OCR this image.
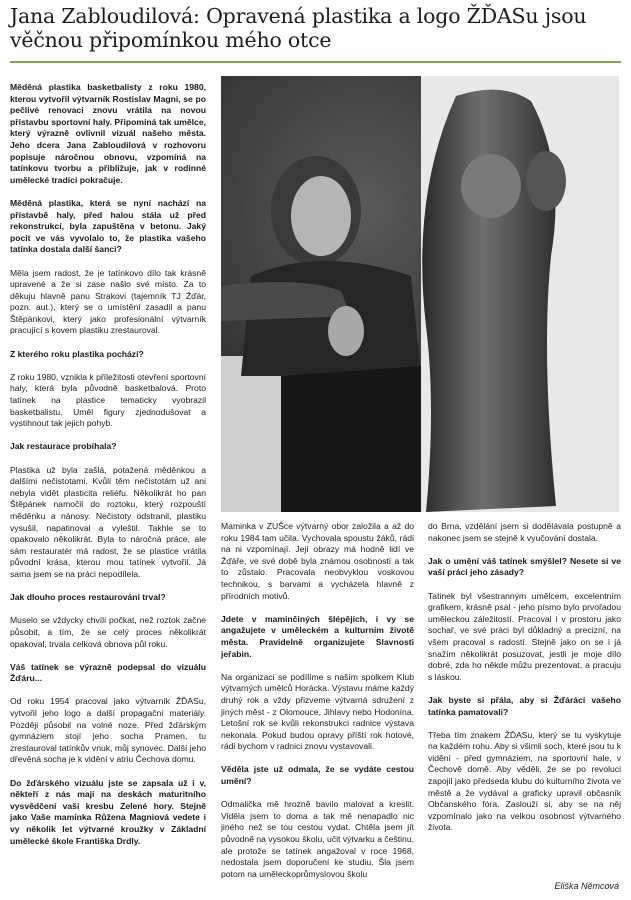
Jana Zabloudilová: Opravená plastika a logo ŽĎASu jsou věčnou připomínkou mého otce

Měděná plastika basketbalisty z roku 1980, kterou vytvořil výtvarník Rostislav Magni, se po pečlivé renovaci znovu vrátila na novou přístavbu sportovní haly. Připomíná tak umělce, který výrazně ovlivnil vizuál našeho města. Jeho dcera Jana Zabloudilová v rozhovoru popisuje náročnou obnovu, vzpomíná na tatínkovu tvorbu a přibližuje, jak v rodinné umělecké tradici pokračuje.

Měděná plastika, která se nyní nachází na přístavbě haly, před halou stála už před rekonstrukcí, byla zapuštěna v betonu. Jaký pocit ve vás vyvolalo to, že plastika vašeho tatínka dostala další šanci?

Měla jsem radost, že je tatínkovo dílo tak krásně upravené a že si zase našlo své místo. Za to děkuju hlavně panu Strakovi (tajemník TJ Žďár, pozn. aut.), který se o umístění zasadil a panu Štěpánkovi, který jako profesionální výtvarník pracující s kovem plastiku zrestauroval.

Z kterého roku plastika pochází?

Z roku 1980, vznikla k příležitosti otevření sportovní haly, která byla původně basketbalová. Proto tatínek na plastice tematicky vyobrazil basketbalistu. Uměl figury zjednodušovat a vystihnout tak jejich pohyb.

Jak restaurace probíhala?

Plastika už byla zašlá, potažená měděnkou a dalšími nečistotami. Kvůli těm nečistotám už ani nebyla vidět plasticita reliéfu. Několikrát ho pan Štěpánek namočil do roztoku, který rozpouští měděnku a nánosy. Nečistoty odstranil, plastiku vysušil, napatinoval a vyleštil. Takhle se to opakovalo několikrát. Byla to náročná práce, ale sám restauratér má radost, že se plastice vrátila původní krása, kterou mou tatínek vytvořil. Já sama jsem se na práci nepodílela.

Jak dlouho proces restaurování trval?

Muselo se vždycky chvíli počkat, než roztok začne působit, a tím, že se celý proces několikrát opakoval, trvala celková obnova půl roku.

Váš tatínek se výrazně podepsal do vizuálu Žďáru...

Od roku 1954 pracoval jako výtvarník ŽĎASu, vytvořil jeho logo a další propagační materiály. Později působil na volné noze. Před žďárským gymnáziem stojí jeho socha Pramen, tu zrestauroval tatínkův vnuk, můj synovec. Další jeho dřevěná socha je k vidění v atriu Čechova domu.

Do žďárského vizuálu jste se zapsala už i v, někteří z nás mají na deskách maturitního vysvědčení vaši kresbu Zelené hory. Stejně jako Vaše maminka Růžena Magniová vedete i vy několik let výtvarné kroužky v Základní umělecké škole Františka Drdly.

Maminka v ZUŠce výtvarný obor založila a až do roku 1984 tam učila. Vychovala spoustu žáků, rádi na ni vzpomínají. Její obrazy má hodně lidí ve Žďáře, ve své době byla známou osobností a tak to zůstalo. Pracovala neobvyklou voskovou technikou, s barvami a vycházela hlavně z přírodních motivů.

Jdete v maminčiných šlépějích, i vy se angažujete v uměleckém a kulturním životě města. Pravidelně organizujete Slavnosti jeřabin.

Na organizaci se podílíme s naším spolkem Klub výtvarných umělců Horácka. Výstavu máme každý druhý rok a vždy přizveme výtvarná sdružení z jiných měst - z Olomouce, Jihlavy nebo Hodonína. Letošní rok se kvůli rekonstrukci radnice výstava nekonala. Pokud budou opravy příští rok hotové, rádi bychom v radnici znovu vystavovali.

Věděla jste už odmala, že se vydáte cestou umění?

Odmalička mě hrozně bavilo malovat a kreslit. Viděla jsem to doma a tak mě nenapadlo nic jiného než se tou cestou vydat. Chtěla jsem jít původně na vysokou školu, učit výtvarku a češtinu, ale protože se tatínek angažoval v roce 1968, nedostala jsem doporučení ke studiu. Šla jsem potom na uměleckoprůmyslovou školu

do Brna, vzdělání jsem si dodělávala postupně a nakonec jsem se stejně k vyučování dostala.

Jak o umění váš tatínek smýšlel? Nesete si ve vaší práci jeho zásady?

Tatinek byl všestranným umělcem, excelentním grafikem, krásně psal - jeho písmo bylo prvořadou uměleckou záležitostí. Pracoval i v prostoru jako sochař, ve své práci byl důkladný a precizní, na všem pracoval s radostí. Stejně jako on se i já snažím několikrát posuzovat, jestli je moje dílo dobré, zda ho někde můžu prezentovat, a pracuju s láskou.

Jak byste si přála, aby si Žďáráci vašeho tatínka pamatovali?

Třeba tím znakem ŽĎASu, který se tu vyskytuje na každém rohu. Aby si všimli soch, které jsou tu k vidění - před gymnáziem, na sportovní hale, v Čechově domě. Aby věděli, že se po revoluci zapojil jako předseda klubu do kulturního života ve městě a že vydával a graficky upravil občasník Občanského fóra. Zaslouží si, aby se na něj vzpomínalo jako na velkou osobnost výtvarného života.

Eliška Němcová
